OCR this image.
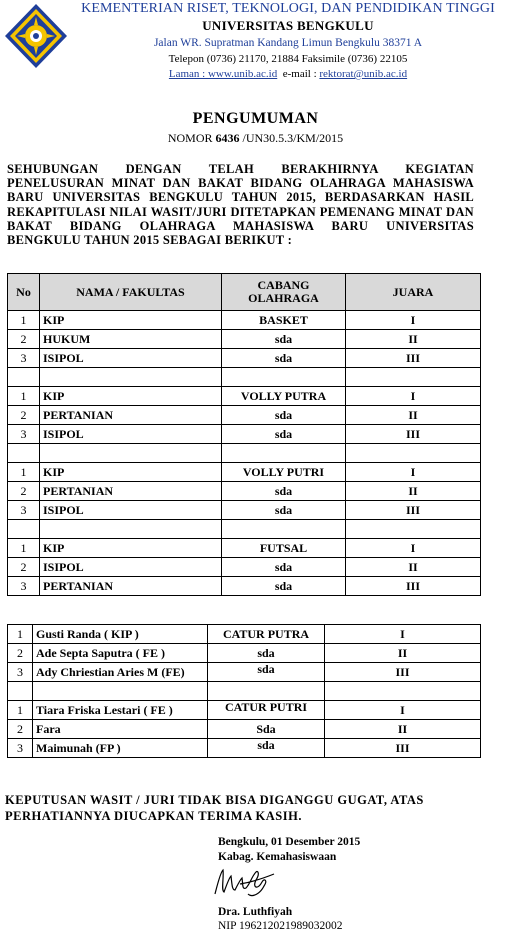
KEMENTERIAN RISET, TEKNOLOGI, DAN PENDIDIKAN TINGGI
UNIVERSITAS BENGKULU
Jalan WR. Supratman Kandang Limun Bengkulu 38371 A
Telepon (0736) 21170, 21884 Faksimile (0736) 22105
Laman : www.unib.ac.id e-mail : rektorat@unib.ac.id
PENGUMUMAN
NOMOR 6436 /UN30.5.3/KM/2015
SEHUBUNGAN DENGAN TELAH BERAKHIRNYA KEGIATAN PENELUSURAN MINAT DAN BAKAT BIDANG OLAHRAGA MAHASISWA BARU UNIVERSITAS BENGKULU TAHUN 2015, BERDASARKAN HASIL REKAPITULASI NILAI WASIT/JURI DITETAPKAN PEMENANG MINAT DAN BAKAT BIDANG OLAHRAGA MAHASISWA BARU UNIVERSITAS BENGKULU TAHUN 2015 SEBAGAI BERIKUT :
No	NAMA / FAKULTAS	CABANG OLAHRAGA	JUARA
1	KIP	BASKET	I
2	HUKUM	sda	II
3	ISIPOL	sda	III

1	KIP	VOLLY PUTRA	I
2	PERTANIAN	sda	II
3	ISIPOL	sda	III

1	KIP	VOLLY PUTRI	I
2	PERTANIAN	sda	II
3	ISIPOL	sda	III

1	KIP	FUTSAL	I
2	ISIPOL	sda	II
3	PERTANIAN	sda	III
1	Gusti Randa ( KIP )	CATUR PUTRA	I
2	Ade Septa Saputra ( FE )	sda	II
3	Ady Chriestian Aries M (FE)	sda	III

1	Tiara Friska Lestari ( FE )	CATUR PUTRI	I
2	Fara	Sda	II
3	Maimunah (FP )	sda	III
KEPUTUSAN WASIT / JURI TIDAK BISA DIGANGGU GUGAT, ATAS PERHATIANNYA DIUCAPKAN TERIMA KASIH.
Bengkulu, 01 Desember 2015
Kabag. Kemahasiswaan
Dra. Luthfiyah
NIP 196212021989032002
